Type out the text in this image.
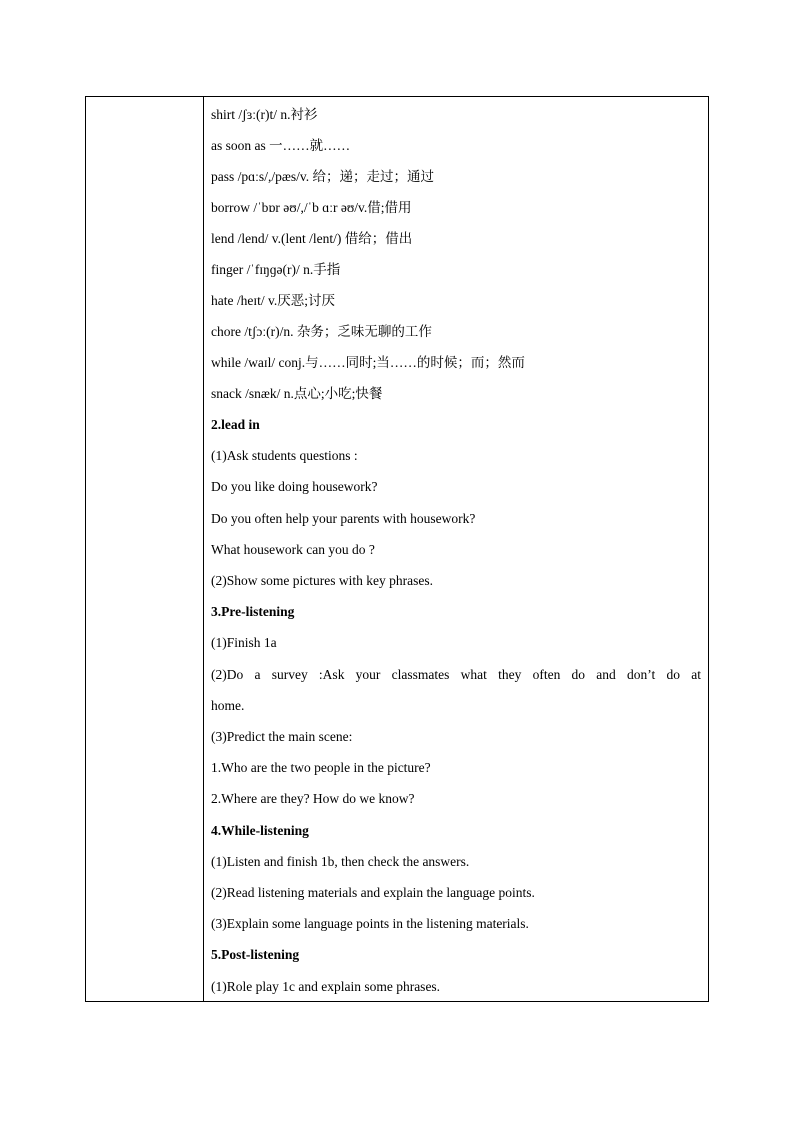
shirt /ʃɜː(r)t/ n.衬衫
as soon as 一……就……
pass /pɑːs/,/pæs/v. 给；递；走过；通过
borrow /ˈbɒr əʊ/,/ˈb ɑːr əʊ/v.借;借用
lend /lend/ v.(lent /lent/) 借给；借出
finger /ˈfɪŋɡə(r)/ n.手指
hate /heɪt/ v.厌恶;讨厌
chore /tʃɔː(r)/n. 杂务；乏味无聊的工作
while /waɪl/ conj.与……同时;当……的时候；而；然而
snack /snæk/ n.点心;小吃;快餐
2.lead in
(1)Ask students questions :
Do you like doing housework?
Do you often help your parents with housework?
What housework can you do ?
(2)Show some pictures with key phrases.
3.Pre-listening
(1)Finish 1a
(2)Do a survey :Ask your classmates what they often do and don’t do at
home.
(3)Predict the main scene:
1.Who are the two people in the picture?
2.Where are they? How do we know?
4.While-listening
(1)Listen and finish 1b, then check the answers.
(2)Read listening materials and explain the language points.
(3)Explain some language points in the listening materials.
5.Post-listening
(1)Role play 1c and explain some phrases.
